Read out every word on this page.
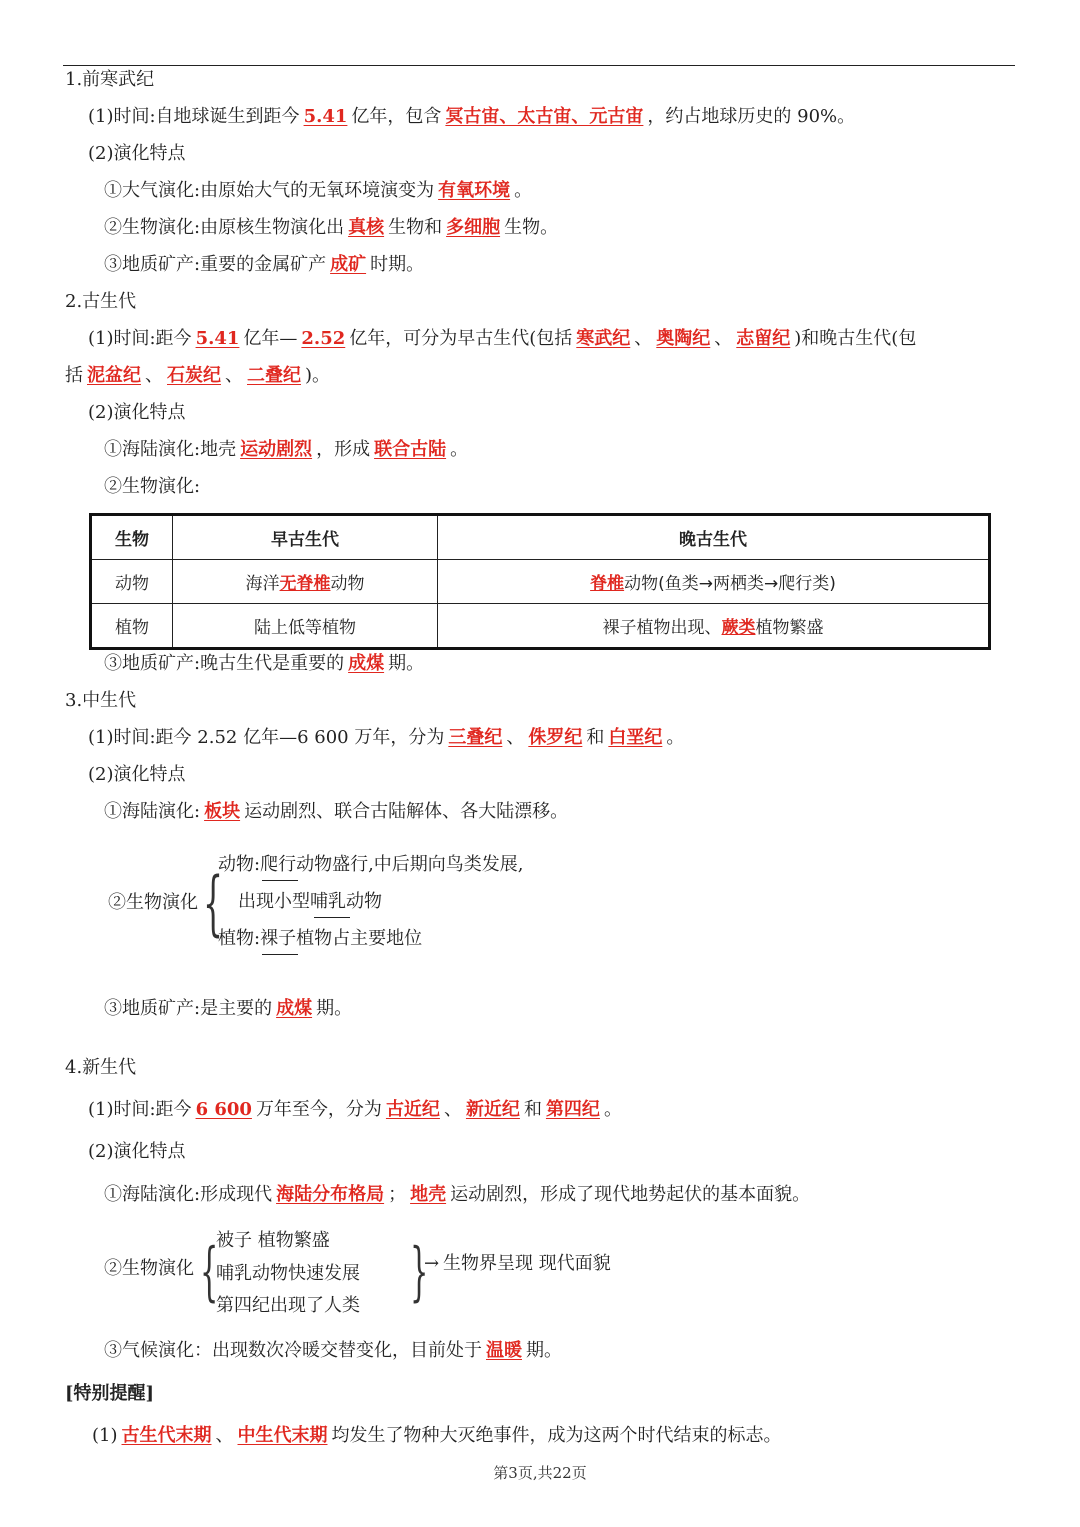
1.前寒武纪
(1)时间:自地球诞生到距今 5.41 亿年，包含 冥古宙、太古宙、元古宙 ，约占地球历史的 90%。
(2)演化特点
①大气演化:由原始大气的无氧环境演变为 有氧环境 。
②生物演化:由原核生物演化出 真核 生物和 多细胞 生物。
③地质矿产:重要的金属矿产 成矿 时期。
2.古生代
(1)时间:距今 5.41 亿年— 2.52 亿年，可分为早古生代(包括 寒武纪 、 奥陶纪 、 志留纪 )和晚古生代(包
括 泥盆纪 、 石炭纪 、 二叠纪 )。
(2)演化特点
①海陆演化:地壳 运动剧烈 ，形成 联合古陆 。
②生物演化:
生物	早古生代	晚古生代
动物	海洋无脊椎动物	脊椎动物(鱼类→两栖类→爬行类)
植物	陆上低等植物	裸子植物出现、蕨类植物繁盛
③地质矿产:晚古生代是重要的 成煤 期。
3.中生代
(1)时间:距今 2.52 亿年—6 600 万年，分为 三叠纪 、 侏罗纪 和 白垩纪 。
(2)演化特点
①海陆演化: 板块 运动剧烈、联合古陆解体、各大陆漂移。
②生物演化 {
动物:爬行动物盛行,中后期向鸟类发展,
出现小型哺乳动物
植物:裸子植物占主要地位
③地质矿产:是主要的 成煤 期。
4.新生代
(1)时间:距今 6 600 万年至今，分为 古近纪 、 新近纪 和 第四纪 。
(2)演化特点
①海陆演化:形成现代 海陆分布格局 ； 地壳 运动剧烈，形成了现代地势起伏的基本面貌。
②生物演化 {
被子 植物繁盛
哺乳动物快速发展
第四纪出现了人类 }
→ 生物界呈现 现代面貌
③气候演化：出现数次冷暖交替变化，目前处于 温暖 期。
[特别提醒]
(1) 古生代末期 、 中生代末期 均发生了物种大灭绝事件，成为这两个时代结束的标志。
第3页,共22页
